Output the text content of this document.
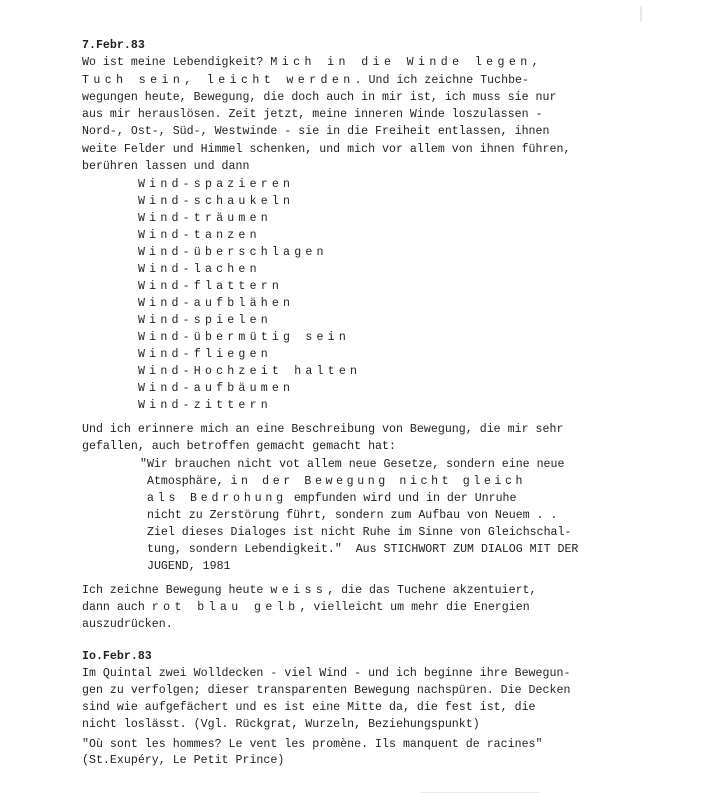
7.Febr.83
Wo ist meine Lebendigkeit? Mich in die Winde legen,
Tuch sein, leicht werden. Und ich zeichne Tuchbe-
wegungen heute, Bewegung, die doch auch in mir ist, ich muss sie nur
aus mir herauslösen. Zeit jetzt, meine inneren Winde loszulassen -
Nord-, Ost-, Süd-, Westwinde - sie in die Freiheit entlassen, ihnen
weite Felder und Himmel schenken, und mich vor allem von ihnen führen,
berühren lassen und dann
Wind-spazieren
Wind-schaukeln
Wind-träumen
Wind-tanzen
Wind-überschlagen
Wind-lachen
Wind-flattern
Wind-aufblähen
Wind-spielen
Wind-übermütig sein
Wind-fliegen
Wind-Hochzeit halten
Wind-aufbäumen
Wind-zittern
Und ich erinnere mich an eine Beschreibung von Bewegung, die mir sehr
gefallen, auch betroffen gemacht gemacht hat:
"Wir brauchen nicht vot allem neue Gesetze, sondern eine neue
Atmosphäre, in der Bewegung nicht gleich
als Bedrohung empfunden wird und in der Unruhe
nicht zu Zerstörung führt, sondern zum Aufbau von Neuem . .
Ziel dieses Dialoges ist nicht Ruhe im Sinne von Gleichschal-
tung, sondern Lebendigkeit."  Aus STICHWORT ZUM DIALOG MIT DER
JUGEND, 1981
Ich zeichne Bewegung heute weiss, die das Tuchene akzentuiert,
dann auch rot blau gelb, vielleicht um mehr die Energien
auszudrücken.
Io.Febr.83
Im Quintal zwei Wolldecken - viel Wind - und ich beginne ihre Bewegun-
gen zu verfolgen; dieser transparenten Bewegung nachspüren. Die Decken
sind wie aufgefächert und es ist eine Mitte da, die fest ist, die
nicht loslässt. (Vgl. Rückgrat, Wurzeln, Beziehungspunkt)
"Où sont les hommes? Le vent les promène. Ils manquent de racines"
(St.Exupéry, Le Petit Prince)
